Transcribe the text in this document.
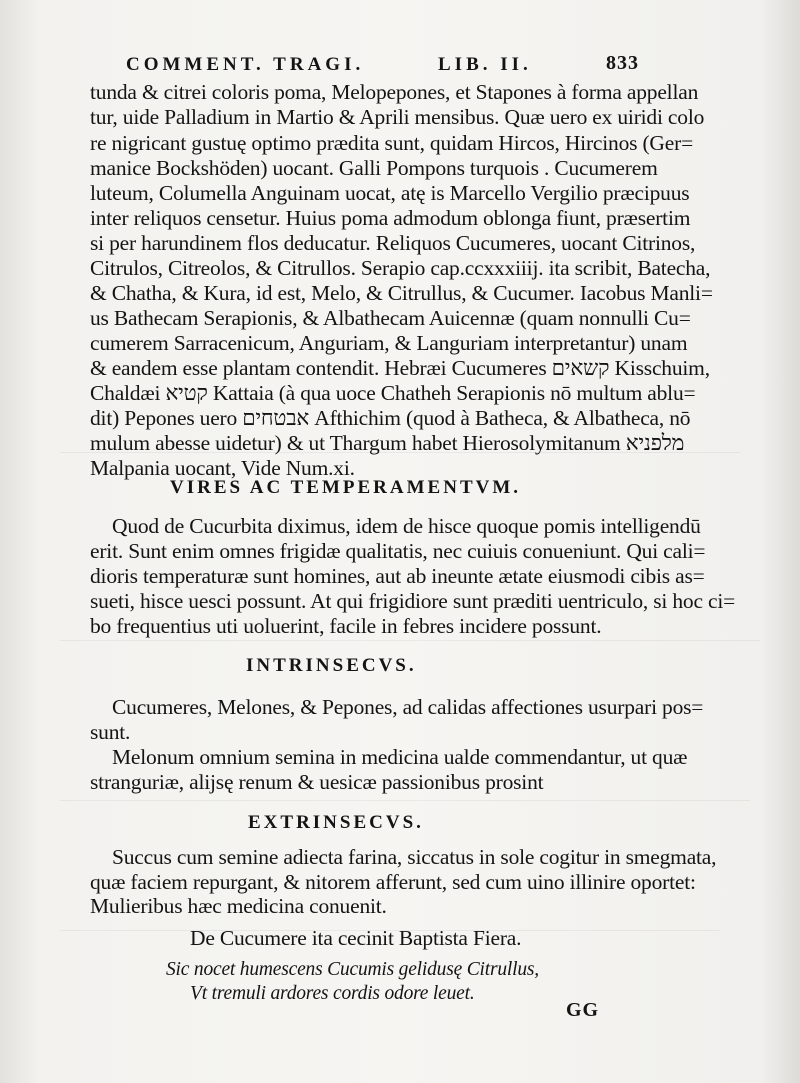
COMMENT. TRAGI.	LIB. II.	833
tunda & citrei coloris poma, Melopepones, et Stapones à forma appellan
tur, uide Palladium in Martio & Aprili mensibus. Quæ uero ex uiridi colo
re nigricant gustuę optimo prædita sunt, quidam Hircos, Hircinos (Ger=
manice Bockshöden) uocant. Galli Pompons turquois . Cucumerem
luteum, Columella Anguinam uocat, atę is Marcello Vergilio præcipuus
inter reliquos censetur. Huius poma admodum oblonga fiunt, præsertim
si per harundinem flos deducatur. Reliquos Cucumeres, uocant Citrinos,
Citrulos, Citreolos, & Citrullos. Serapio cap.ccxxxiiij. ita scribit, Batecha,
& Chatha, & Kura, id est, Melo, & Citrullus, & Cucumer. Iacobus Manli=
us Bathecam Serapionis, & Albathecam Auicennæ (quam nonnulli Cu=
cumerem Sarracenicum, Anguriam, & Languriam interpretantur) unam
& eandem esse plantam contendit. Hebræi Cucumeres קשאים Kisschuim,
Chaldæi קטיא Kattaia (à qua uoce Chatheh Serapionis nō multum ablu=
dit) Pepones uero אבטחים Afthichim (quod à Batheca, & Albatheca, nō
mulum abesse uidetur) & ut Thargum habet Hierosolymitanum מלפניא
Malpania uocant, Vide Num.xi.
VIRES AC TEMPERAMENTVM.
Quod de Cucurbita diximus, idem de hisce quoque pomis intelligendū
erit. Sunt enim omnes frigidæ qualitatis, nec cuiuis conueniunt. Qui cali=
dioris temperaturæ sunt homines, aut ab ineunte ætate eiusmodi cibis as=
sueti, hisce uesci possunt. At qui frigidiore sunt præditi uentriculo, si hoc ci=
bo frequentius uti uoluerint, facile in febres incidere possunt.
INTRINSECVS.
Cucumeres, Melones, & Pepones, ad calidas affectiones usurpari pos=
sunt.
Melonum omnium semina in medicina ualde commendantur, ut quæ
stranguriæ, alijsę renum & uesicæ passionibus prosint
EXTRINSECVS.
Succus cum semine adiecta farina, siccatus in sole cogitur in smegmata,
quæ faciem repurgant, & nitorem afferunt, sed cum uino illinire oportet:
Mulieribus hæc medicina conuenit.
De Cucumere ita cecinit Baptista Fiera.
Sic nocet humescens Cucumis gelidusę Citrullus,
Vt tremuli ardores cordis odore leuet.
GG
